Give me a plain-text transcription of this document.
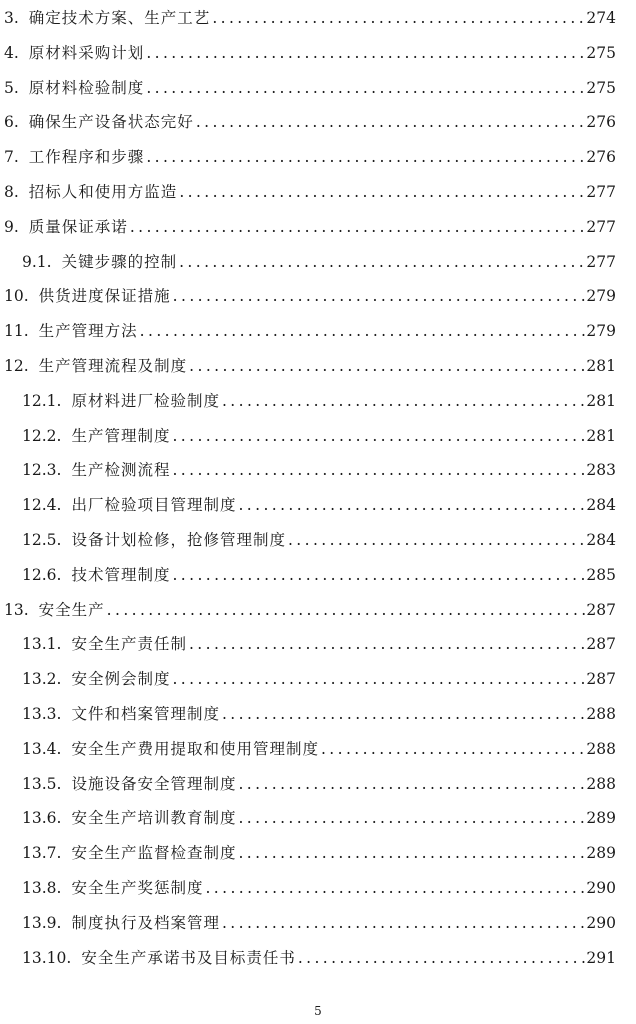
3. 确定技术方案、生产工艺 .....	274
4. 原材料采购计划 .....	275
5. 原材料检验制度 .....	275
6. 确保生产设备状态完好 .....	276
7. 工作程序和步骤 .....	276
8. 招标人和使用方监造 .....	277
9. 质量保证承诺 .....	277
9.1. 关键步骤的控制 .....	277
10. 供货进度保证措施 .....	279
11. 生产管理方法 .....	279
12. 生产管理流程及制度 .....	281
12.1. 原材料进厂检验制度 .....	281
12.2. 生产管理制度 .....	281
12.3. 生产检测流程 .....	283
12.4. 出厂检验项目管理制度 .....	284
12.5. 设备计划检修，抢修管理制度 .....	284
12.6. 技术管理制度 .....	285
13. 安全生产 .....	287
13.1. 安全生产责任制 .....	287
13.2. 安全例会制度 .....	287
13.3. 文件和档案管理制度 .....	288
13.4. 安全生产费用提取和使用管理制度 .....	288
13.5. 设施设备安全管理制度 .....	288
13.6. 安全生产培训教育制度 .....	289
13.7. 安全生产监督检查制度 .....	289
13.8. 安全生产奖惩制度 .....	290
13.9. 制度执行及档案管理 .....	290
13.10. 安全生产承诺书及目标责任书 .....	291
5
